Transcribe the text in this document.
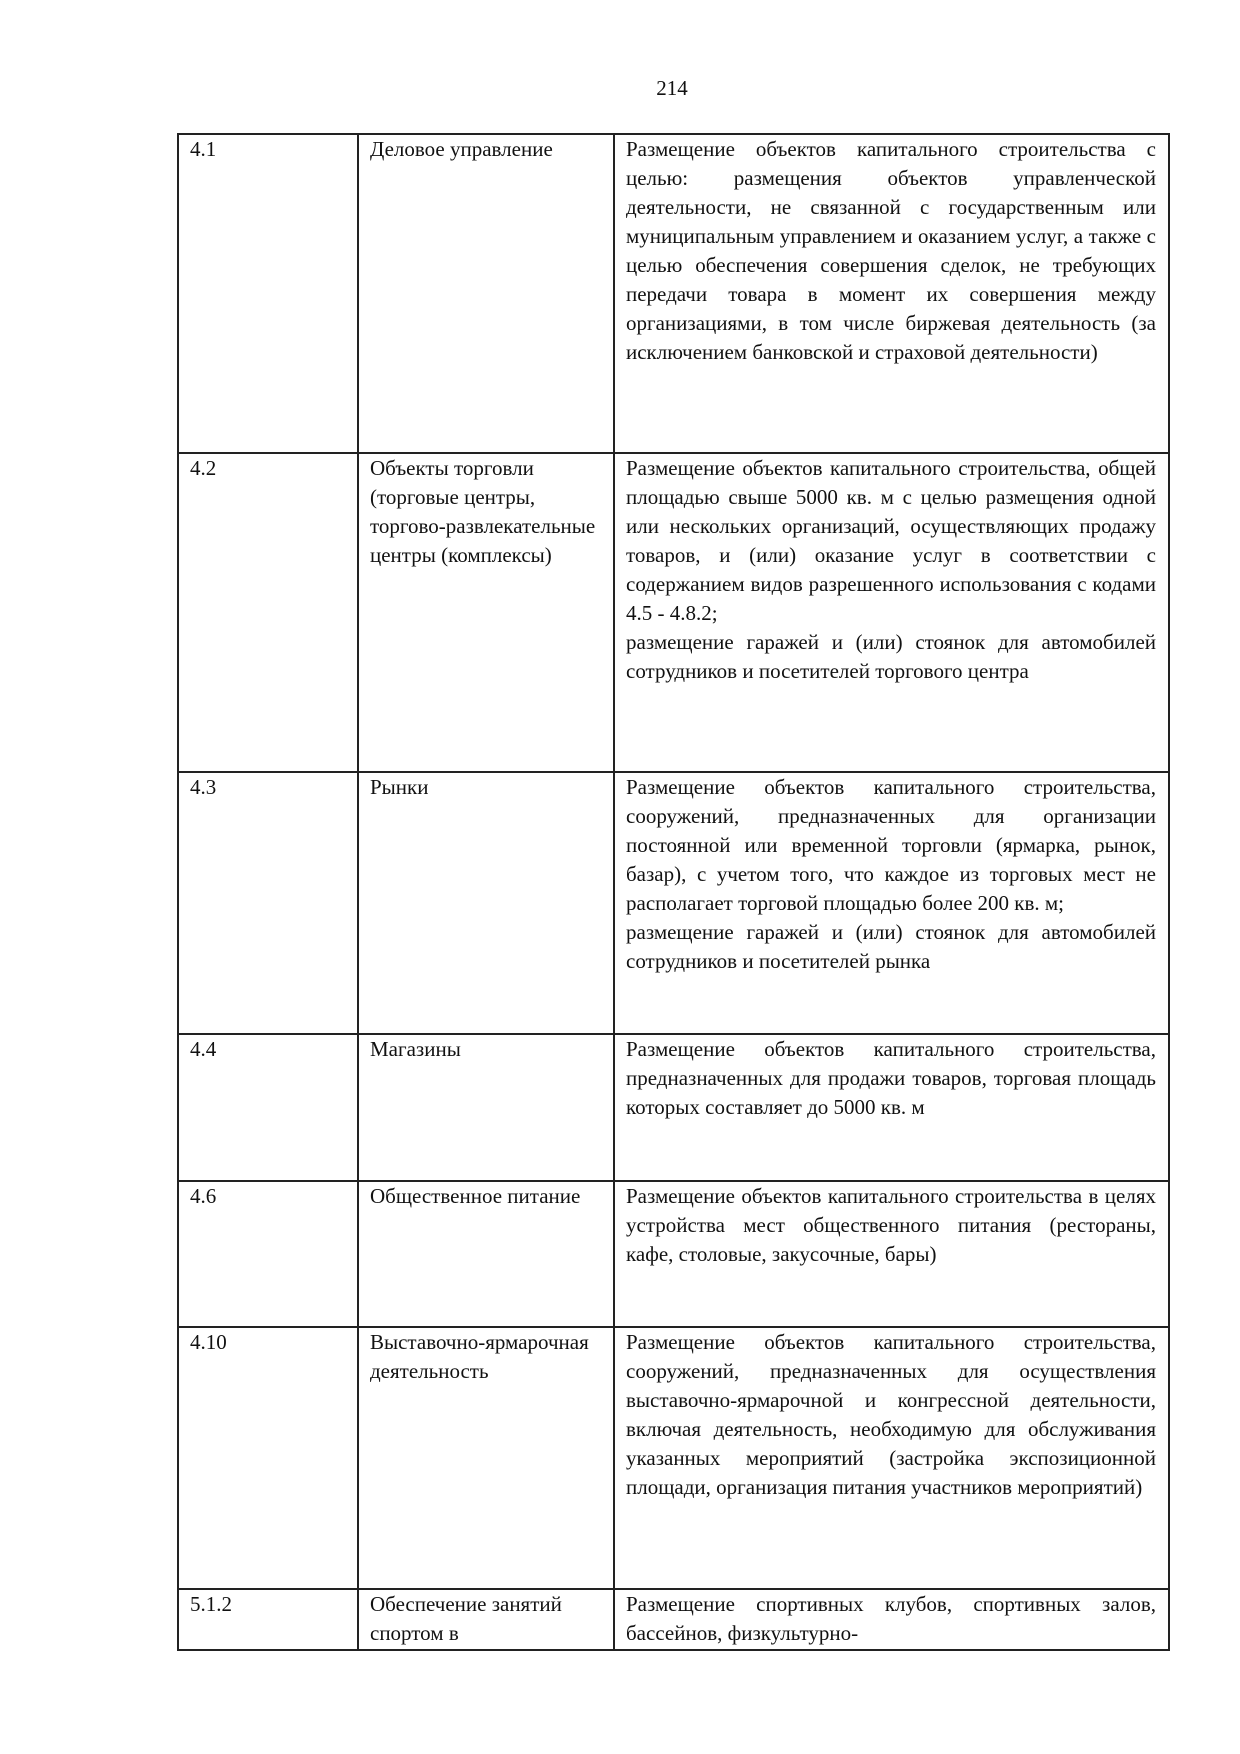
214
4.1	Деловое управление	Размещение объектов капитального строительства с целью: размещения объектов управленческой деятельности, не связанной с государственным или муниципальным управлением и оказанием услуг, а также с целью обеспечения совершения сделок, не требующих передачи товара в момент их совершения между организациями, в том числе биржевая деятельность (за исключением банковской и страховой деятельности)

4.2	Объекты торговли (торговые центры, торгово-развлекательные центры (комплексы)	Размещение объектов капитального строительства, общей площадью свыше 5000 кв. м с целью размещения одной или нескольких организаций, осуществляющих продажу товаров, и (или) оказание услуг в соответствии с содержанием видов разрешенного использования с кодами 4.5 - 4.8.2;

размещение гаражей и (или) стоянок для автомобилей сотрудников и посетителей торгового центра

4.3	Рынки	Размещение объектов капитального строительства, сооружений, предназначенных для организации постоянной или временной торговли (ярмарка, рынок, базар), с учетом того, что каждое из торговых мест не располагает торговой площадью более 200 кв. м;

размещение гаражей и (или) стоянок для автомобилей сотрудников и посетителей рынка

4.4	Магазины	Размещение объектов капитального строительства, предназначенных для продажи товаров, торговая площадь которых составляет до 5000 кв. м

4.6	Общественное питание	Размещение объектов капитального строительства в целях устройства мест общественного питания (рестораны, кафе, столовые, закусочные, бары)

4.10	Выставочно-ярмарочная деятельность	Размещение объектов капитального строительства, сооружений, предназначенных для осуществления выставочно-ярмарочной и конгрессной деятельности, включая деятельность, необходимую для обслуживания указанных мероприятий (застройка экспозиционной площади, организация питания участников мероприятий)

5.1.2	Обеспечение занятий спортом в	Размещение спортивных клубов, спортивных залов, бассейнов, физкультурно-
